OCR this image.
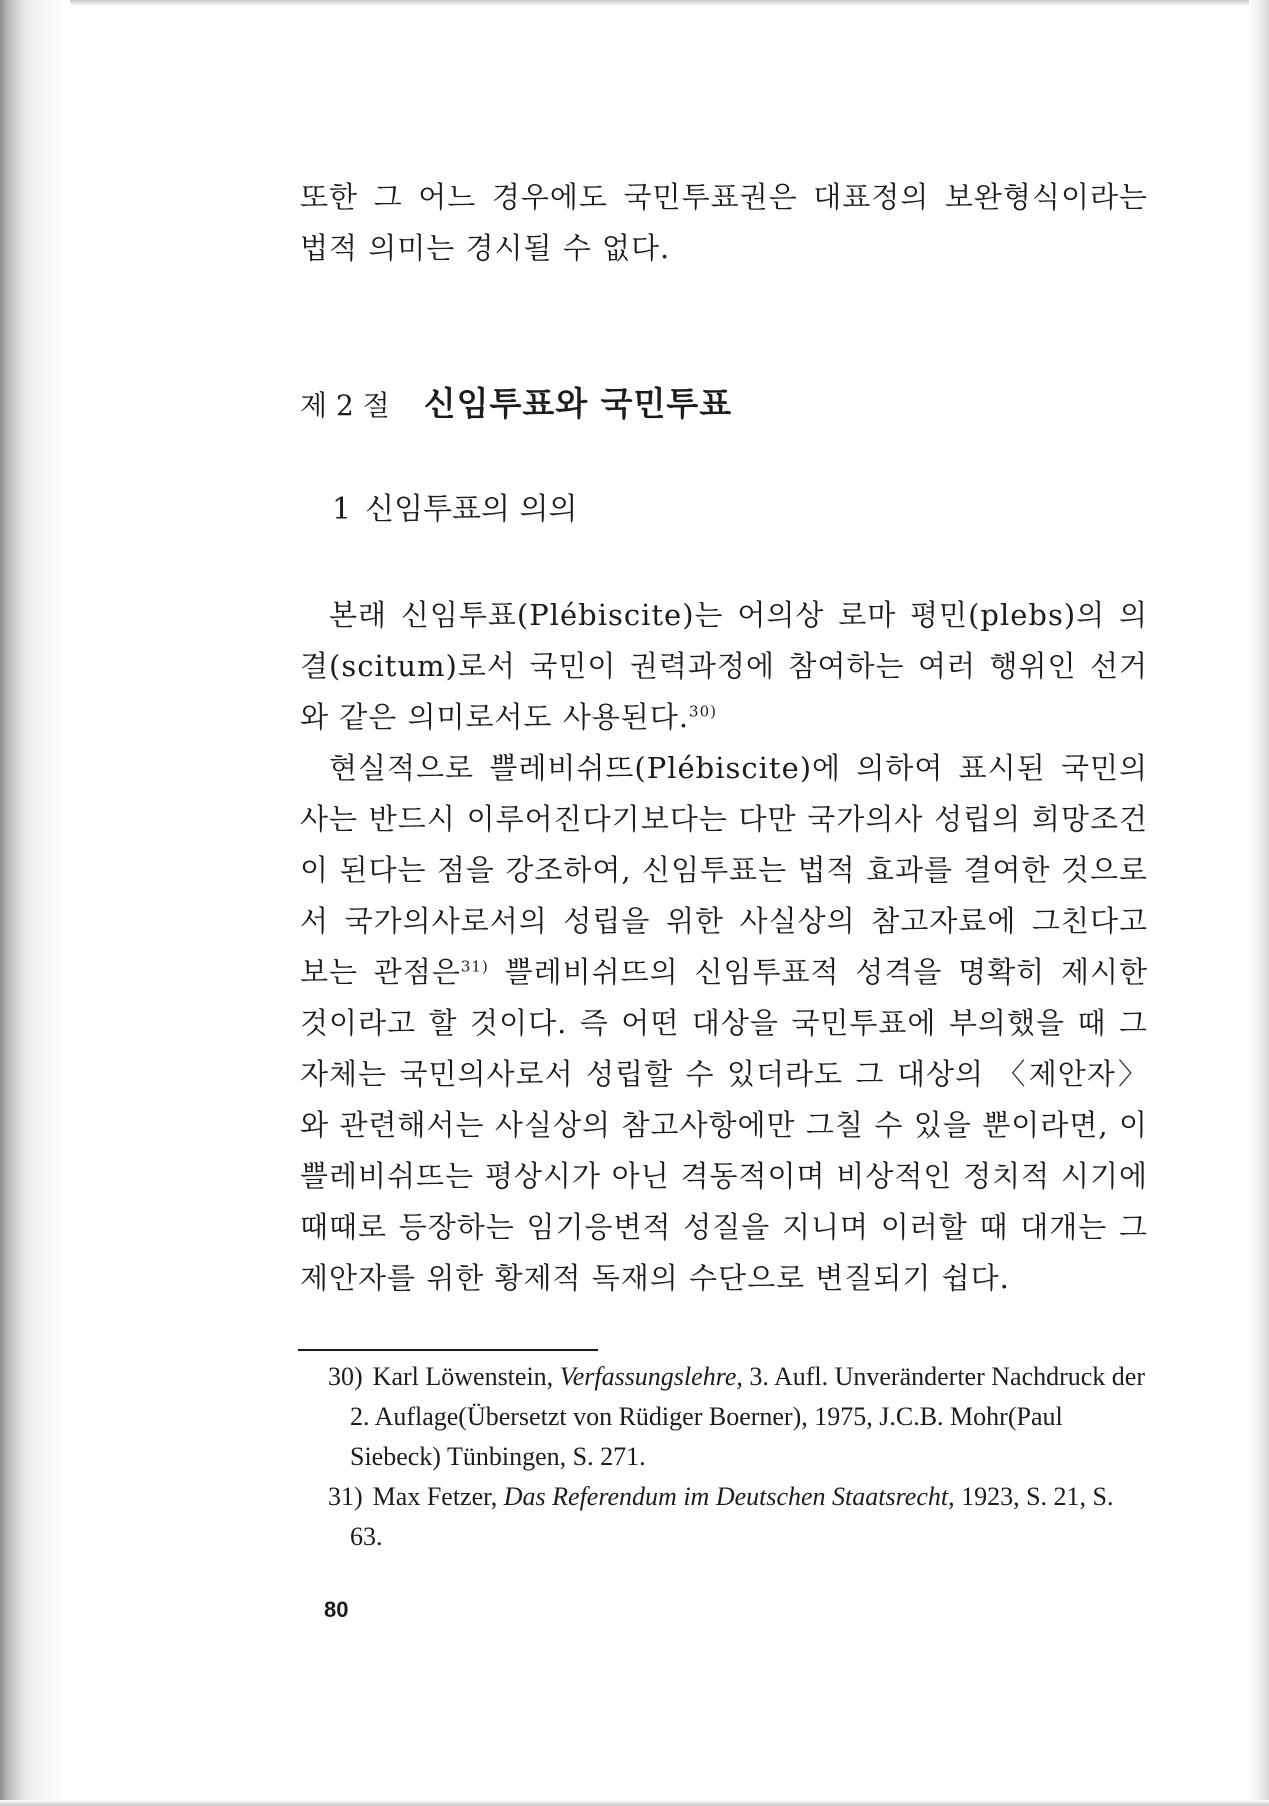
또한 그 어느 경우에도 국민투표권은 대표정의 보완형식이라는 법적 의미는 경시될 수 없다.

제 2 절 신임투표와 국민투표
1 신임투표의 의의

본래 신임투표(Plébiscite)는 어의상 로마 평민(plebs)의 의결(scitum)로서 국민이 권력과정에 참여하는 여러 행위인 선거와 같은 의미로서도 사용된다.$^{30)}$

현실적으로 쁠레비쉬뜨(Plébiscite)에 의하여 표시된 국민의사는 반드시 이루어진다기보다는 다만 국가의사 성립의 희망조건이 된다는 점을 강조하여, 신임투표는 법적 효과를 결여한 것으로서 국가의사로서의 성립을 위한 사실상의 참고자료에 그친다고 보는 관점은$^{31)}$ 쁠레비쉬뜨의 신임투표적 성격을 명확히 제시한 것이라고 할 것이다. 즉 어떤 대상을 국민투표에 부의했을 때 그 자체는 국민의사로서 성립할 수 있더라도 그 대상의 〈제안자〉와 관련해서는 사실상의 참고사항에만 그칠 수 있을 뿐이라면, 이 쁠레비쉬뜨는 평상시가 아닌 격동적이며 비상적인 정치적 시기에 때때로 등장하는 임기응변적 성질을 지니며 이러할 때 대개는 그 제안자를 위한 황제적 독재의 수단으로 변질되기 쉽다.

30) Karl Löwenstein, Verfassungslehre, 3. Aufl. Unveränderter Nachdruck der 2. Auflage(Übersetzt von Rüdiger Boerner), 1975, J.C.B. Mohr(Paul Siebeck) Tünbingen, S. 271.

31) Max Fetzer, Das Referendum im Deutschen Staatsrecht, 1923, S. 21, S. 63.

80
